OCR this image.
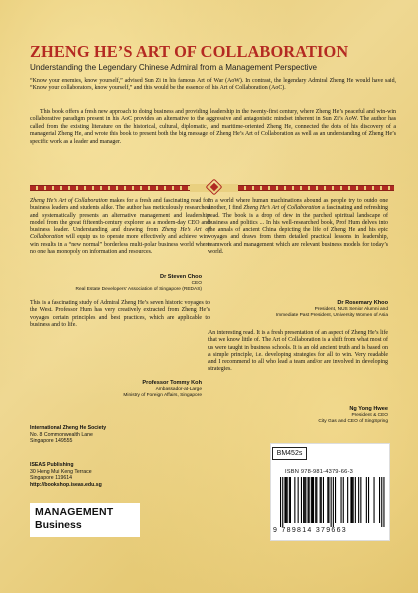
ZHENG HE’S ART OF COLLABORATION
Understanding the Legendary Chinese Admiral from a Management Perspective

“Know your enemies, know yourself,” advised Sun Zi in his famous Art of War (AoW). In contrast, the legendary Admiral Zheng He would have said, “Know your collaborators, know yourself,” and this would be the essence of his Art of Collaboration (AoC).

This book offers a fresh new approach to doing business and providing leadership in the twenty-first century, where Zheng He’s peaceful and win-win collaborative paradigm present in his AoC provides an alternative to the aggressive and antagonistic mindset inherent in Sun Zi’s AoW. The author has called from the existing literature on the historical, cultural, diplomatic, and maritime-oriented Zheng He, connected the dots of his discovery of a managerial Zheng He, and wrote this book to present both the big message of Zheng He’s Art of Collaboration as well as an understanding of Zheng He’s specific work as a leader and manager.

Zheng He’s Art of Collaboration makes for a fresh and fascinating read for business leaders and students alike. The author has meticulously researched and systematically presents an alternative management and leadership model from the great fifteenth-century explorer as a modern-day CEO and business leader. Understanding and drawing from Zheng He’s Art of Collaboration will equip us to operate more effectively and achieve win-win results in a “new normal” borderless multi-polar business world where no one has monopoly on information and resources.

Dr Steven Choo
CEO
Real Estate Developers’ Association of Singapore (REDAS)

In a world where human machinations abound as people try to outdo one another, I find Zheng He’s Art of Collaboration a fascinating and refreshing read. The book is a drop of dew in the parched spiritual landscape of business and politics ... In his well-researched book, Prof Hum delves into the annals of ancient China depicting the life of Zheng He and his epic voyages and draws from them detailed practical lessons in leadership, teamwork and management which are relevant business models for today’s world.

Dr Rosemary Khoo
President, NUS Senior Alumni and
Immediate Past President, University Women of Asia

This is a fascinating study of Admiral Zheng He’s seven historic voyages to the West. Professor Hum has very creatively extracted from Zheng He’s voyages certain principles and best practices, which are applicable to business and to life.

Professor Tommy Koh
Ambassador-at-Large
Ministry of Foreign Affairs, Singapore

An interesting read. It is a fresh presentation of an aspect of Zheng He’s life that we know little of. The Art of Collaboration is a shift from what most of us were taught in business schools. It is an old ancient truth and is based on a simple principle, i.e. developing strategies for all to win. Very readable and I recommend to all who lead a team and/or are involved in developing strategies.

Ng Yong Hwee
President & CEO
City Gas and CEO of SingSpring
International Zheng He Society
No. 8 Commonwealth Lane
Singapore 149555
ISEAS Publishing
30 Heng Mui Keng Terrace
Singapore 119614
http://bookshop.iseas.edu.sg
MANAGEMENT
Business
BM452s
ISBN 978-981-4379-66-3
9 789814 379663
